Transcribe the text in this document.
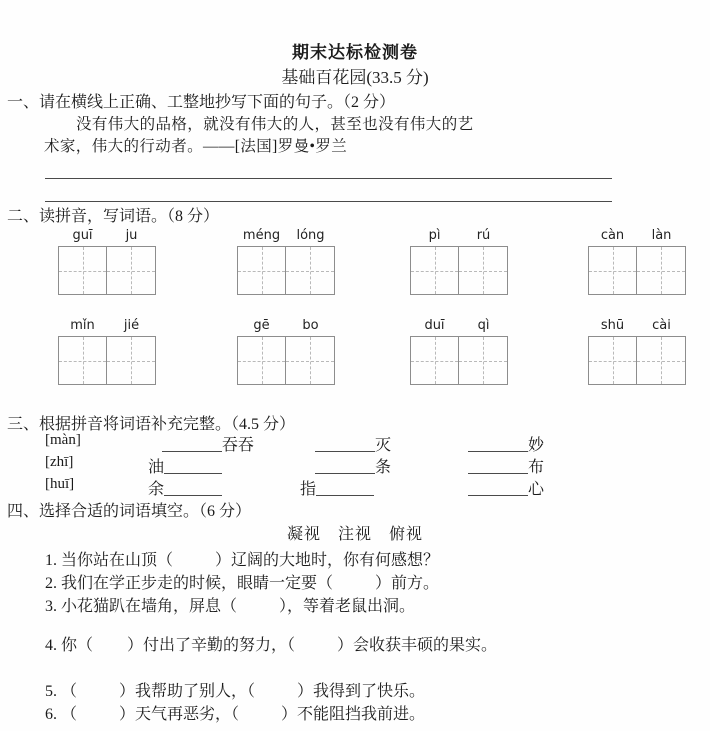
期末达标检测卷
基础百花园(33.5 分)
一、请在横线上正确、工整地抄写下面的句子。（2 分）
没有伟大的品格，就没有伟大的人，甚至也没有伟大的艺
术家，伟大的行动者。——[法国]罗曼•罗兰
二、读拼音，写词语。（8 分）
guī	ju	méng	lóng	pì	rú	càn	làn
mǐn	jié	gē	bo	duī	qì	shū	cài
三、根据拼音将词语补充完整。（4.5 分）
[màn]	吞吞	灭	妙
[zhī]	油	条	布
[huī]	余	指	心
四、选择合适的词语填空。（6 分）
凝视　注视　俯视
1. 当你站在山顶（	）辽阔的大地时，你有何感想？
2. 我们在学正步走的时候，眼睛一定要（	）前方。
3. 小花猫趴在墙角，屏息（	），等着老鼠出洞。
4. 你（ ）付出了辛勤的努力，（	）会收获丰硕的果实。
5. （	）我帮助了别人，（	）我得到了快乐。
6. （	）天气再恶劣，（	）不能阻挡我前进。
